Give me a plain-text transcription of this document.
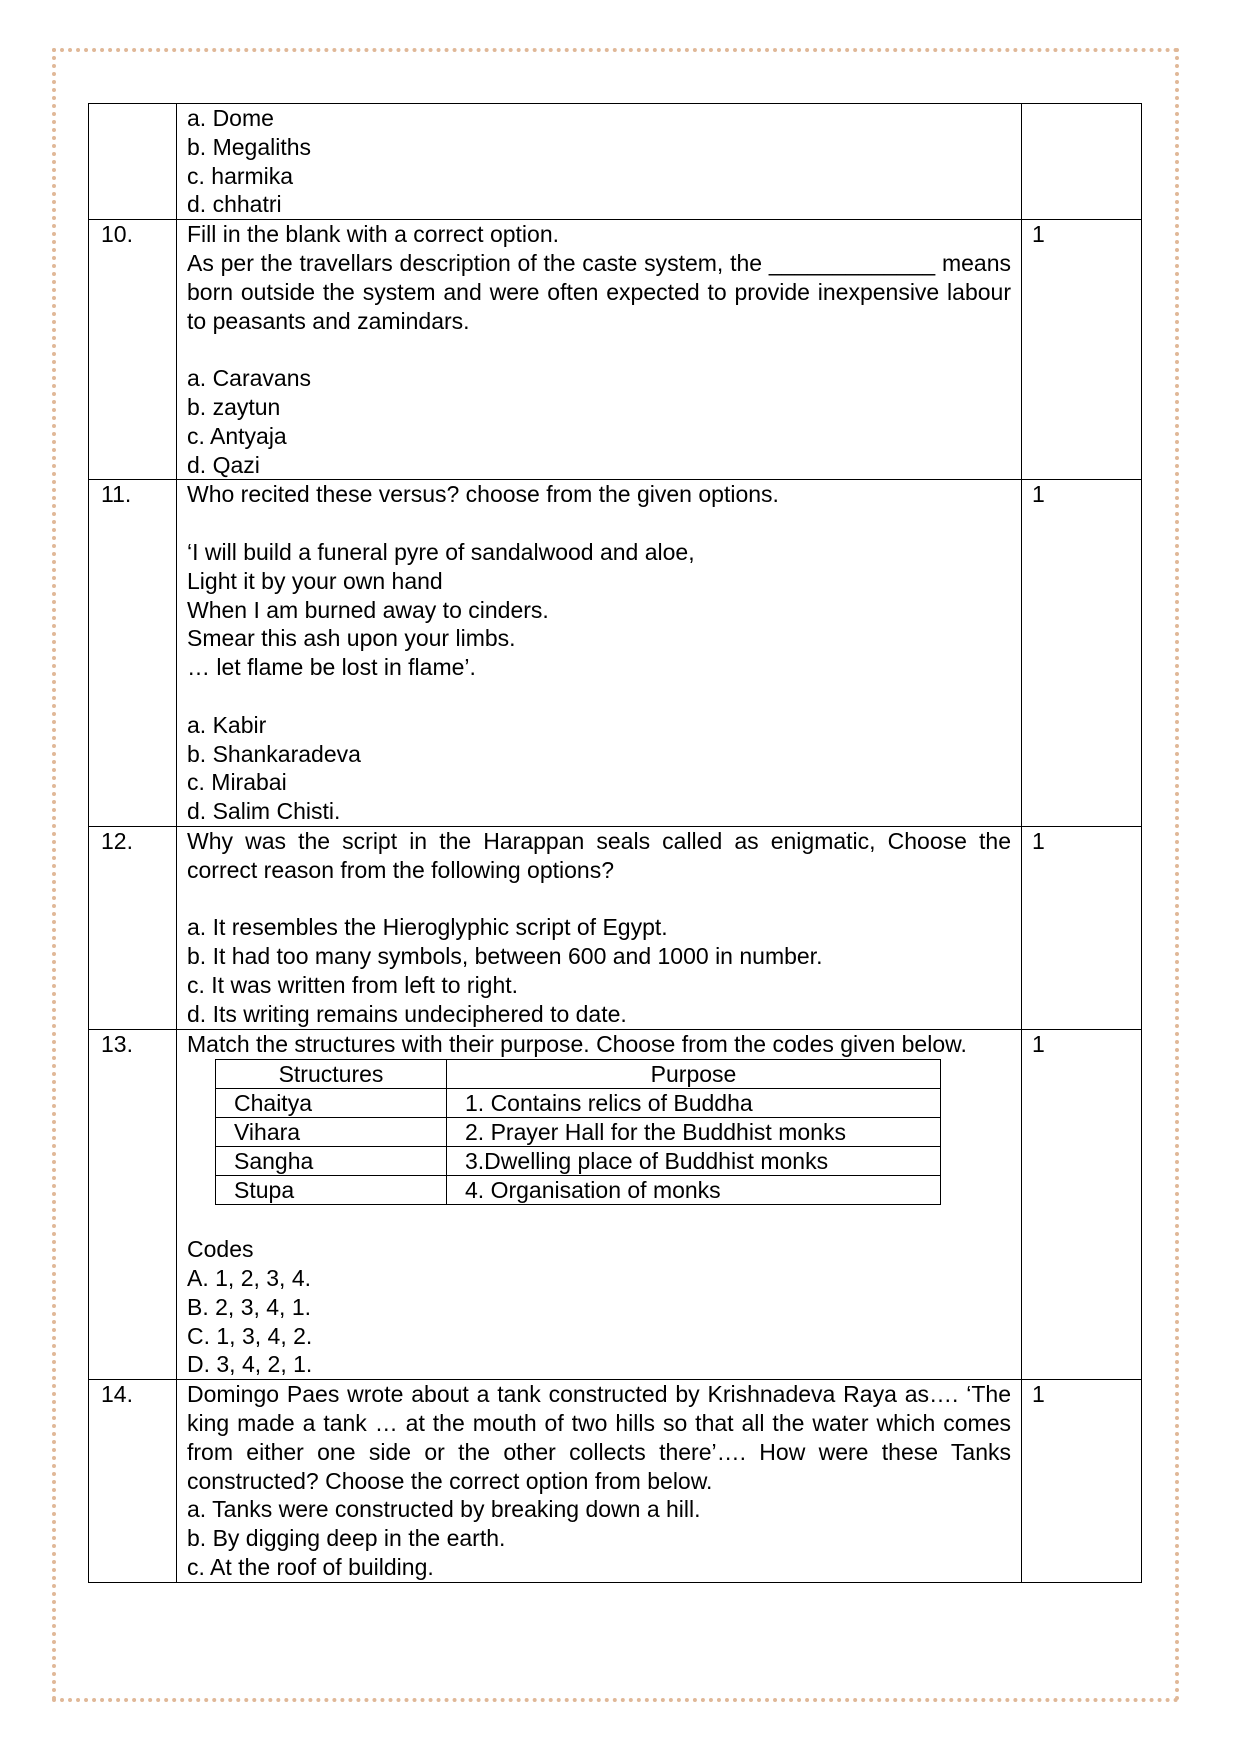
a. Dome
b. Megaliths
c. harmika
d. chhatri

10.	Fill in the blank with a correct option.
As per the travellars description of the caste system, the _____________ means born outside the system and were often expected to provide inexpensive labour to peasants and zamindars.
a. Caravans
b. zaytun
c. Antyaja
d. Qazi
	1
11.	Who recited these versus? choose from the given options.
‘I will build a funeral pyre of sandalwood and aloe,
Light it by your own hand
When I am burned away to cinders.
Smear this ash upon your limbs.
… let flame be lost in flame’.
a. Kabir
b. Shankaradeva
c. Mirabai
d. Salim Chisti.
	1
12.	Why was the script in the Harappan seals called as enigmatic, Choose the correct reason from the following options?
a. It resembles the Hieroglyphic script of Egypt.
b. It had too many symbols, between 600 and 1000 in number.
c. It was written from left to right.
d. Its writing remains undeciphered to date.
	1
13.	Match the structures with their purpose. Choose from the codes given below.
Structures	Purpose
Chaitya	1. Contains relics of Buddha
Vihara	2. Prayer Hall for the Buddhist monks
Sangha	3.Dwelling place of Buddhist monks
Stupa	4. Organisation of monks
Codes
A. 1, 2, 3, 4.
B. 2, 3, 4, 1.
C. 1, 3, 4, 2.
D. 3, 4, 2, 1.
	1
14.	Domingo Paes wrote about a tank constructed by Krishnadeva Raya as…. ‘The king made a tank … at the mouth of two hills so that all the water which comes from either one side or the other collects there’…. How were these Tanks constructed? Choose the correct option from below.
a. Tanks were constructed by breaking down a hill.
b. By digging deep in the earth.
c. At the roof of building.
	1
